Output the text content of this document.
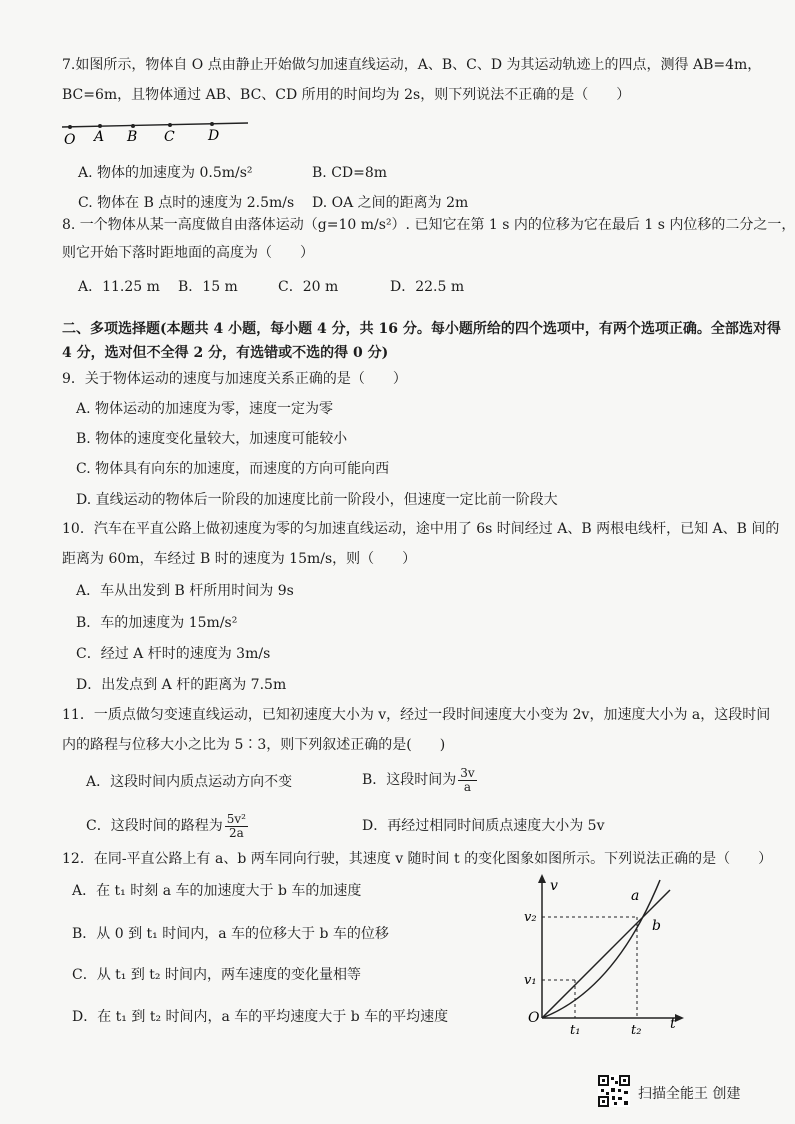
7.如图所示，物体自 O 点由静止开始做匀加速直线运动，A、B、C、D 为其运动轨迹上的四点，测得 AB=4m，
BC=6m，且物体通过 AB、BC、CD 所用的时间均为 2s，则下列说法不正确的是（　　）
O A B C D
A. 物体的加速度为 0.5m/s²	B. CD=8m
C. 物体在 B 点时的速度为 2.5m/s D. OA 之间的距离为 2m
8. 一个物体从某一高度做自由落体运动（g=10 m/s²）. 已知它在第 1 s 内的位移为它在最后 1 s 内位移的二分之一，
则它开始下落时距地面的高度为（　　）
A．11.25 m B．15 m	C．20 m	D．22.5 m
二、多项选择题(本题共 4 小题，每小题 4 分，共 16 分。每小题所给的四个选项中，有两个选项正确。全部选对得
4 分，选对但不全得 2 分，有选错或不选的得 0 分)
9．关于物体运动的速度与加速度关系正确的是（　　）
A. 物体运动的加速度为零，速度一定为零
B. 物体的速度变化量较大，加速度可能较小
C. 物体具有向东的加速度，而速度的方向可能向西
D. 直线运动的物体后一阶段的加速度比前一阶段小，但速度一定比前一阶段大
10．汽车在平直公路上做初速度为零的匀加速直线运动，途中用了 6s 时间经过 A、B 两根电线杆，已知 A、B 间的
距离为 60m，车经过 B 时的速度为 15m/s，则（　　）
A．车从出发到 B 杆所用时间为 9s
B．车的加速度为 15m/s²
C．经过 A 杆时的速度为 3m/s
D．出发点到 A 杆的距离为 7.5m
11．一质点做匀变速直线运动，已知初速度大小为 v，经过一段时间速度大小变为 2v，加速度大小为 a，这段时间
内的路程与位移大小之比为 5∶3，则下列叙述正确的是(　　)
A．这段时间内质点运动方向不变	B．这段时间为 $\frac{3v}{a}$
C．这段时间的路程为 $\frac{\text{5v²}}{2a}$	D．再经过相同时间质点速度大小为 5v
12．在同-平直公路上有 a、b 两车同向行驶，其速度 v 随时间 t 的变化图象如图所示。下列说法正确的是（　　）
A．在 t₁ 时刻 a 车的加速度大于 b 车的加速度
B．从 0 到 t₁ 时间内，a 车的位移大于 b 车的位移
C．从 t₁ 到 t₂ 时间内，两车速度的变化量相等
D．在 t₁ 到 t₂ 时间内，a 车的平均速度大于 b 车的平均速度
v
t
O
v₁
v₂
t₁	t₂
a
b
扫描全能王 创建
